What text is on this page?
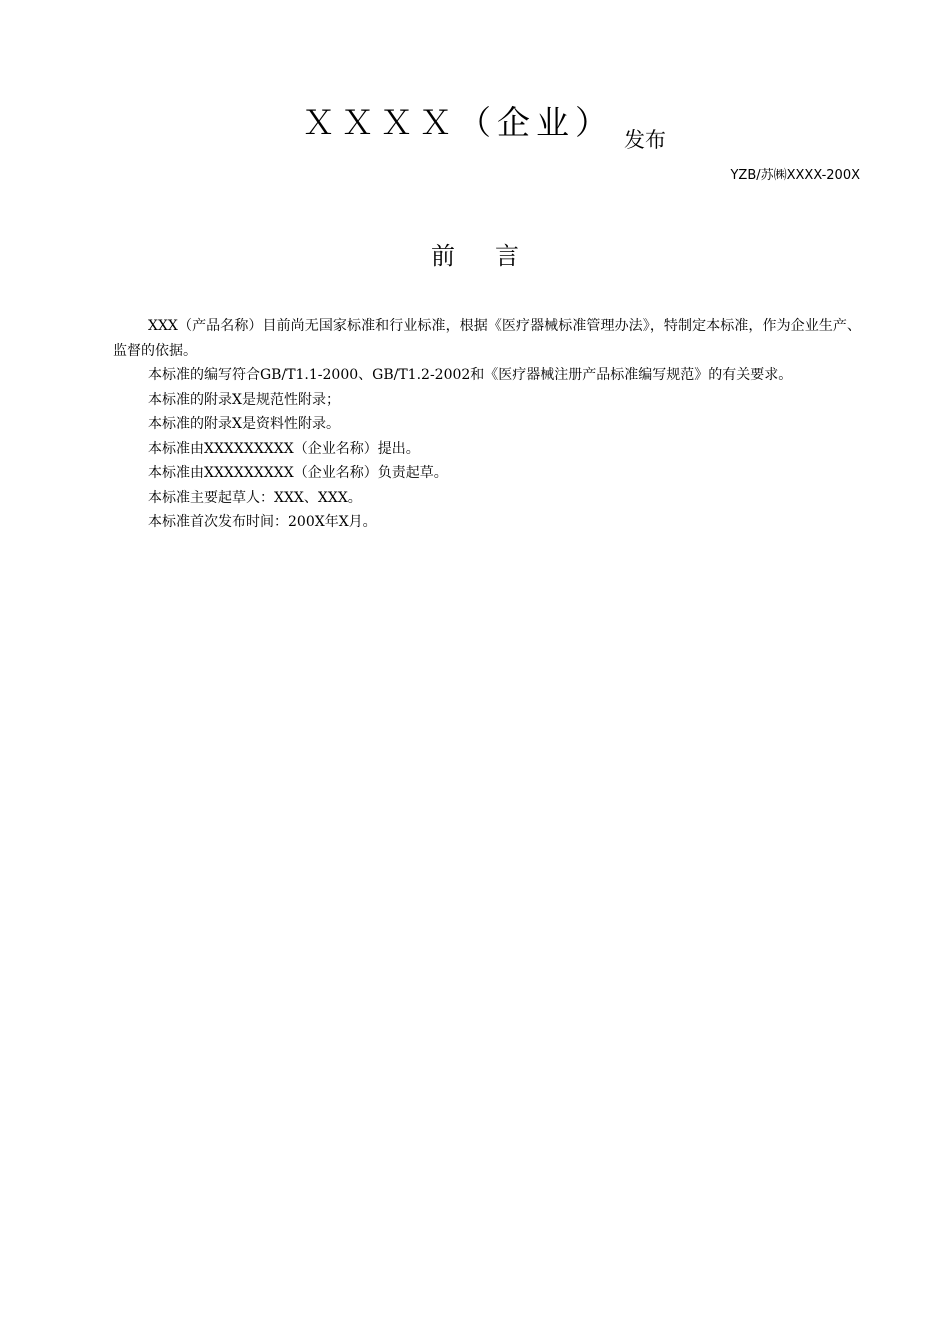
ＸＸＸＸ（企业） 发布
YZB/苏㈱XXXX-200X
前言

XXX（产品名称）目前尚无国家标准和行业标准，根据《医疗器械标准管理办法》，特制定本标准，作为企业生产、监督的依据。

本标准的编写符合GB/T1.1-2000、GB/T1.2-2002和《医疗器械注册产品标准编写规范》的有关要求。

本标准的附录X是规范性附录；

本标准的附录X是资料性附录。

本标准由XXXXXXXXX（企业名称）提出。

本标准由XXXXXXXXX（企业名称）负责起草。

本标准主要起草人：XXX、XXX。

本标准首次发布时间：200X年X月。
